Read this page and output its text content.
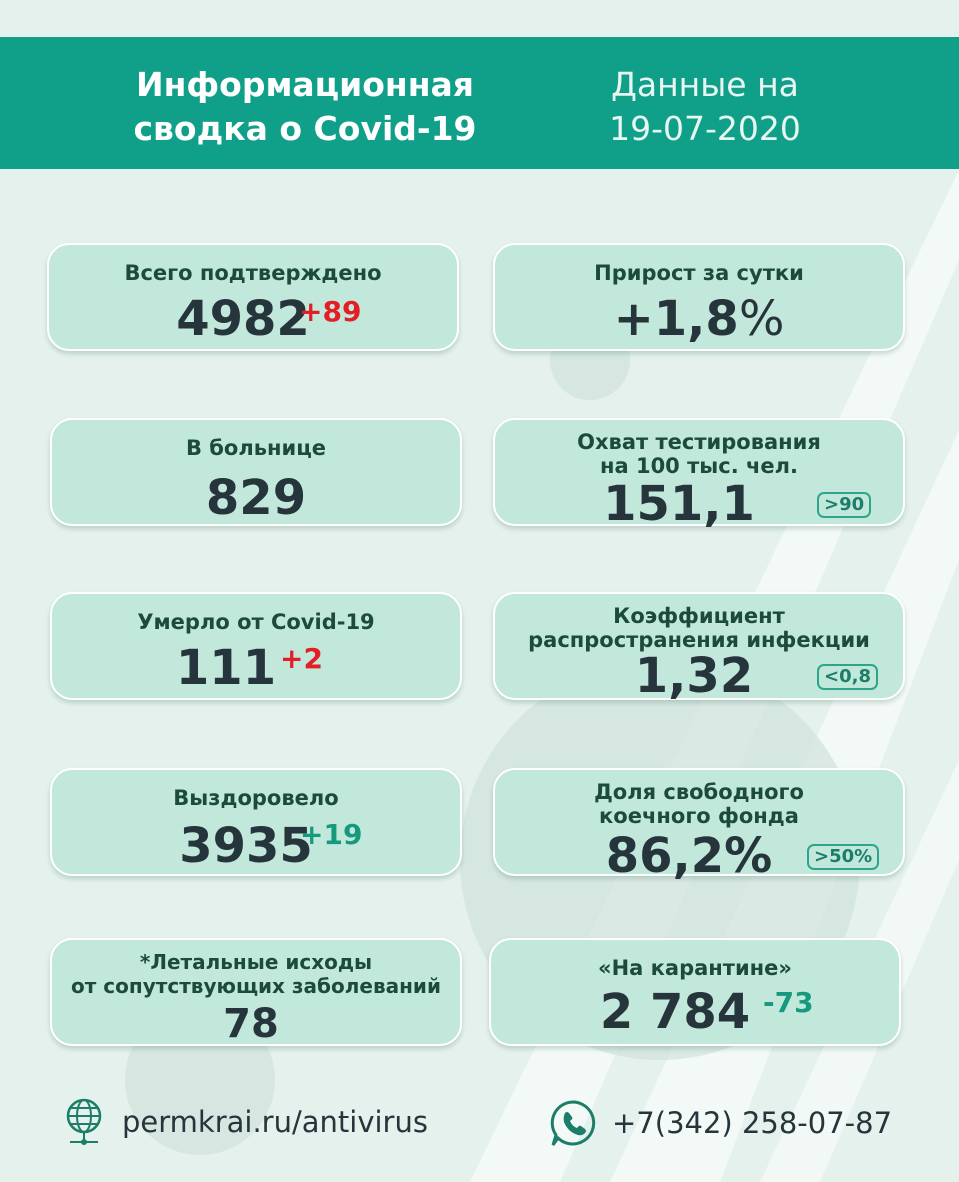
Информационная
сводка о Covid-19
Данные на
19-07-2020
Всего подтверждено
4982
+89
Прирост за сутки
+1,8%
В больнице
829
Охват тестирования
на 100 тыс. чел.
151,1	>90
Умерло от Covid-19
111 +2
Коэффициент
распространения инфекции
1,32	<0,8
Выздоровело
3935
+19
Доля свободного
коечного фонда
86,2%	>50%
*Летальные исходы
от сопутствующих заболеваний
78
«На карантине»
2 784 -73
permkrai.ru/antivirus	+7(342) 258-07-87
